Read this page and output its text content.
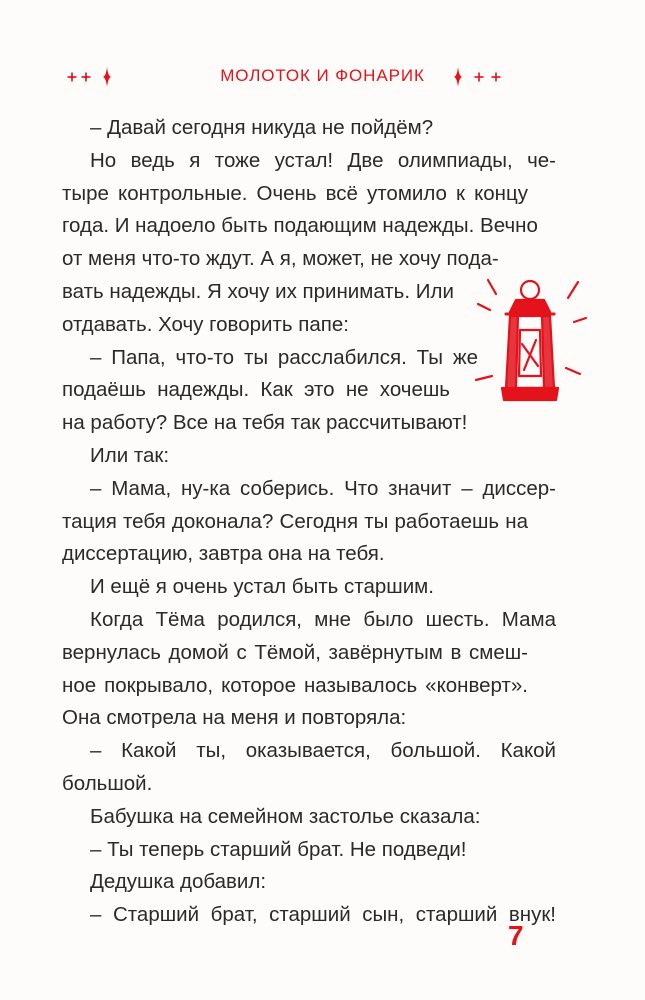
МОЛОТОК И ФОНАРИК
– Давай сегодня никуда не пойдём?
Но ведь я тоже устал! Две олимпиады, че-
тыре контрольные. Очень всё утомило к концу
года. И надоело быть подающим надежды. Вечно
от меня что-то ждут. А я, может, не хочу пода-
вать надежды. Я хочу их принимать. Или
отдавать. Хочу говорить папе:
– Папа, что-то ты расслабился. Ты же
подаёшь надежды. Как это не хочешь
на работу? Все на тебя так рассчитывают!
Или так:
– Мама, ну-ка соберись. Что значит – диссер-
тация тебя доконала? Сегодня ты работаешь на
диссертацию, завтра она на тебя.
И ещё я очень устал быть старшим.
Когда Тёма родился, мне было шесть. Мама
вернулась домой с Тёмой, завёрнутым в смеш-
ное покрывало, которое называлось «конверт».
Она смотрела на меня и повторяла:
– Какой ты, оказывается, большой. Какой
большой.
Бабушка на семейном застолье сказала:
– Ты теперь старший брат. Не подведи!
Дедушка добавил:
– Старший брат, старший сын, старший внук!
7
